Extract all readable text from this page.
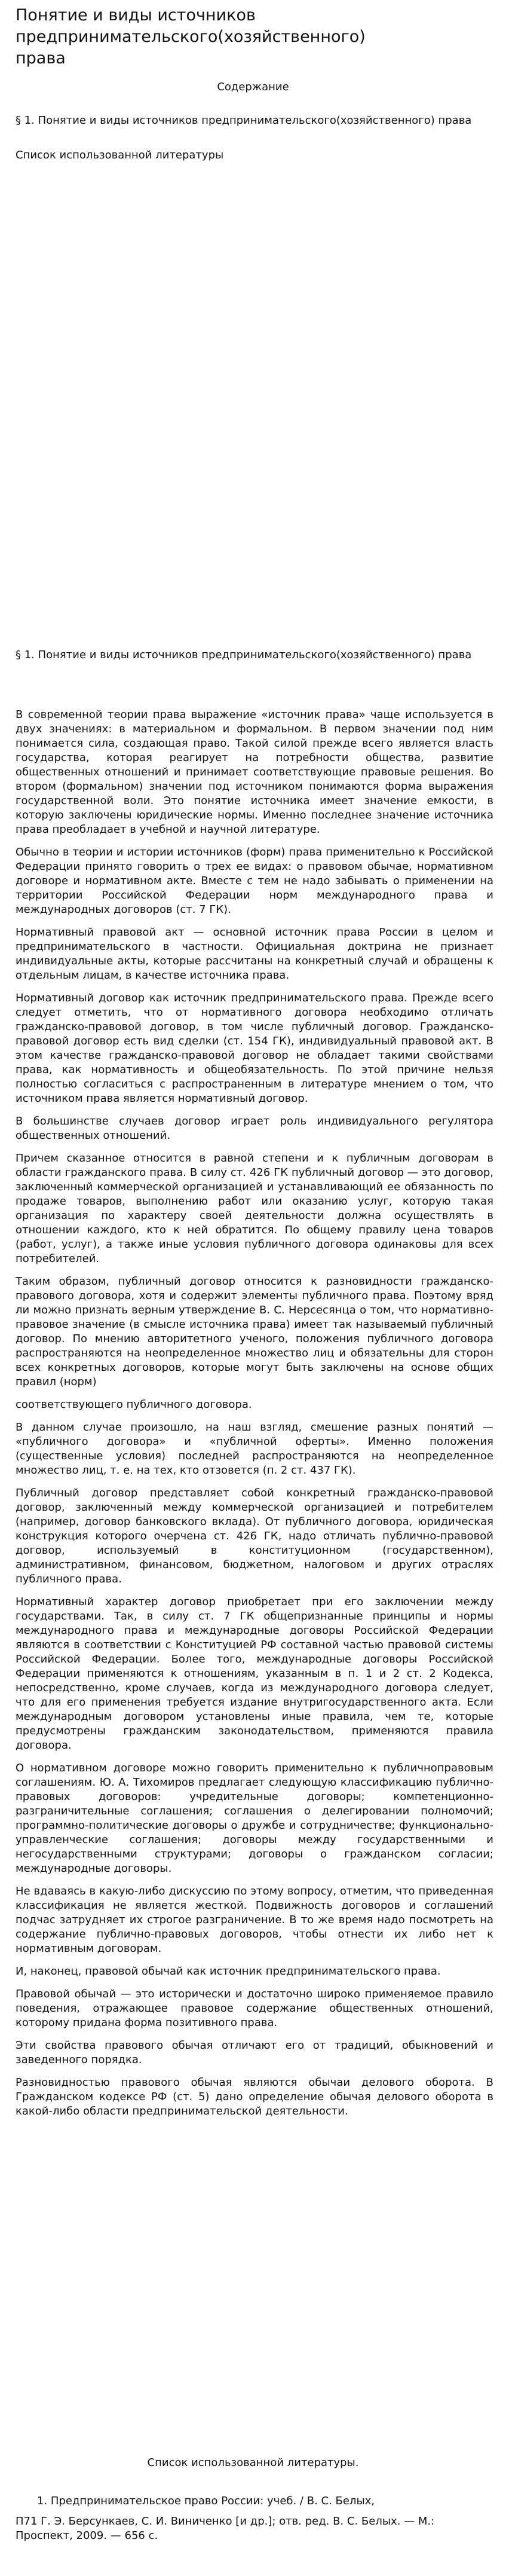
Понятие и виды источников предпринимательского(хозяйственного) права
Содержание

§ 1. Понятие и виды источников предпринимательского(хозяйственного) права

Список использованной литературы

§ 1. Понятие и виды источников предпринимательского(хозяйственного) права

В современной теории права выражение «источник права» чаще используется в двух значениях: в материальном и формальном. В первом значении под ним понимается сила, создающая право. Такой силой прежде всего является власть государства, которая реагирует на потребности общества, развитие общественных отношений и принимает соответствующие правовые решения. Во втором (формальном) значении под источником понимаются форма выражения государственной воли. Это понятие источника имеет значение емкости, в которую заключены юридические нормы. Именно последнее значение источника права преобладает в учебной и научной литературе.

Обычно в теории и истории источников (форм) права применительно к Российской Федерации принято говорить о трех ее видах: о правовом обычае, нормативном договоре и нормативном акте. Вместе с тем не надо забывать о применении на территории Российской Федерации норм международного права и международных договоров (ст. 7 ГК).

Нормативный правовой акт — основной источник права России в целом и предпринимательского в частности. Официальная доктрина не признает индивидуальные акты, которые рассчитаны на конкретный случай и обращены к отдельным лицам, в качестве источника права.

Нормативный договор как источник предпринимательского права. Прежде всего следует отметить, что от нормативного договора необходимо отличать гражданско-правовой договор, в том числе публичный договор. Гражданско-правовой договор есть вид сделки (ст. 154 ГК), индивидуальный правовой акт. В этом качестве гражданско-правовой договор не обладает такими свойствами права, как нормативность и общеобязательность. По этой причине нельзя полностью согласиться с распространенным в литературе мнением о том, что источником права является нормативный договор.

В большинстве случаев договор играет роль индивидуального регулятора общественных отношений.

Причем сказанное относится в равной степени и к публичным договорам в области гражданского права. В силу ст. 426 ГК публичный договор — это договор, заключенный коммерческой организацией и устанавливающий ее обязанность по продаже товаров, выполнению работ или оказанию услуг, которую такая организация по характеру своей деятельности должна осуществлять в отношении каждого, кто к ней обратится. По общему правилу цена товаров (работ, услуг), а также иные условия публичного договора одинаковы для всех потребителей.

Таким образом, публичный договор относится к разновидности гражданско-правового договора, хотя и содержит элементы публичного права. Поэтому вряд ли можно признать верным утверждение В. С. Нерсесянца о том, что нормативно-правовое значение (в смысле источника права) имеет так называемый публичный договор. По мнению авторитетного ученого, положения публичного договора распространяются на неопределенное множество лиц и обязательны для сторон всех конкретных договоров, которые могут быть заключены на основе общих правил (норм)

соответствующего публичного договора.

В данном случае произошло, на наш взгляд, смешение разных понятий — «публичного договора» и «публичной оферты». Именно положения (существенные условия) последней распространяются на неопределенное множество лиц, т. е. на тех, кто отзовется (п. 2 ст. 437 ГК).

Публичный договор представляет собой конкретный гражданско-правовой договор, заключенный между коммерческой организацией и потребителем (например, договор банковского вклада). От публичного договора, юридическая конструкция которого очерчена ст. 426 ГК, надо отличать публично-правовой договор, используемый в конституционном (государственном), административном, финансовом, бюджетном, налоговом и других отраслях публичного права.

Нормативный характер договор приобретает при его заключении между государствами. Так, в силу ст. 7 ГК общепризнанные принципы и нормы международного права и международные договоры Российской Федерации являются в соответствии с Конституцией РФ составной частью правовой системы Российской Федерации. Более того, международные договоры Российской Федерации применяются к отношениям, указанным в п. 1 и 2 ст. 2 Кодекса, непосредственно, кроме случаев, когда из международного договора следует, что для его применения требуется издание внутригосударственного акта. Если международным договором установлены иные правила, чем те, которые предусмотрены гражданским законодательством, применяются правила договора.

О нормативном договоре можно говорить применительно к публичноправовым соглашениям. Ю. А. Тихомиров предлагает следующую классификацию публично-правовых договоров: учредительные договоры; компетенционно-разграничительные соглашения; соглашения о делегировании полномочий; программно-политические договоры о дружбе и сотрудничестве; функционально-управленческие соглашения; договоры между государственными и негосударственными структурами; договоры о гражданском согласии; международные договоры.

Не вдаваясь в какую-либо дискуссию по этому вопросу, отметим, что приведенная классификация не является жесткой. Подвижность договоров и соглашений подчас затрудняет их строгое разграничение. В то же время надо посмотреть на содержание публично-правовых договоров, чтобы отнести их либо нет к нормативным договорам.

И, наконец, правовой обычай как источник предпринимательского права.

Правовой обычай — это исторически и достаточно широко применяемое правило поведения, отражающее правовое содержание общественных отношений, которому придана форма позитивного права.

Эти свойства правового обычая отличают его от традиций, обыкновений и заведенного порядка.

Разновидностью правового обычая являются обычаи делового оборота. В Гражданском кодексе РФ (ст. 5) дано определение обычая делового оборота в какой-либо области предпринимательской деятельности.

Список использованной литературы.

1. Предпринимательское право России: учеб. / В. С. Белых,

П71 Г. Э. Берсункаев, С. И. Виниченко [и др.]; отв. ред. В. С. Белых. — М.: Проспект, 2009. — 656 с.
